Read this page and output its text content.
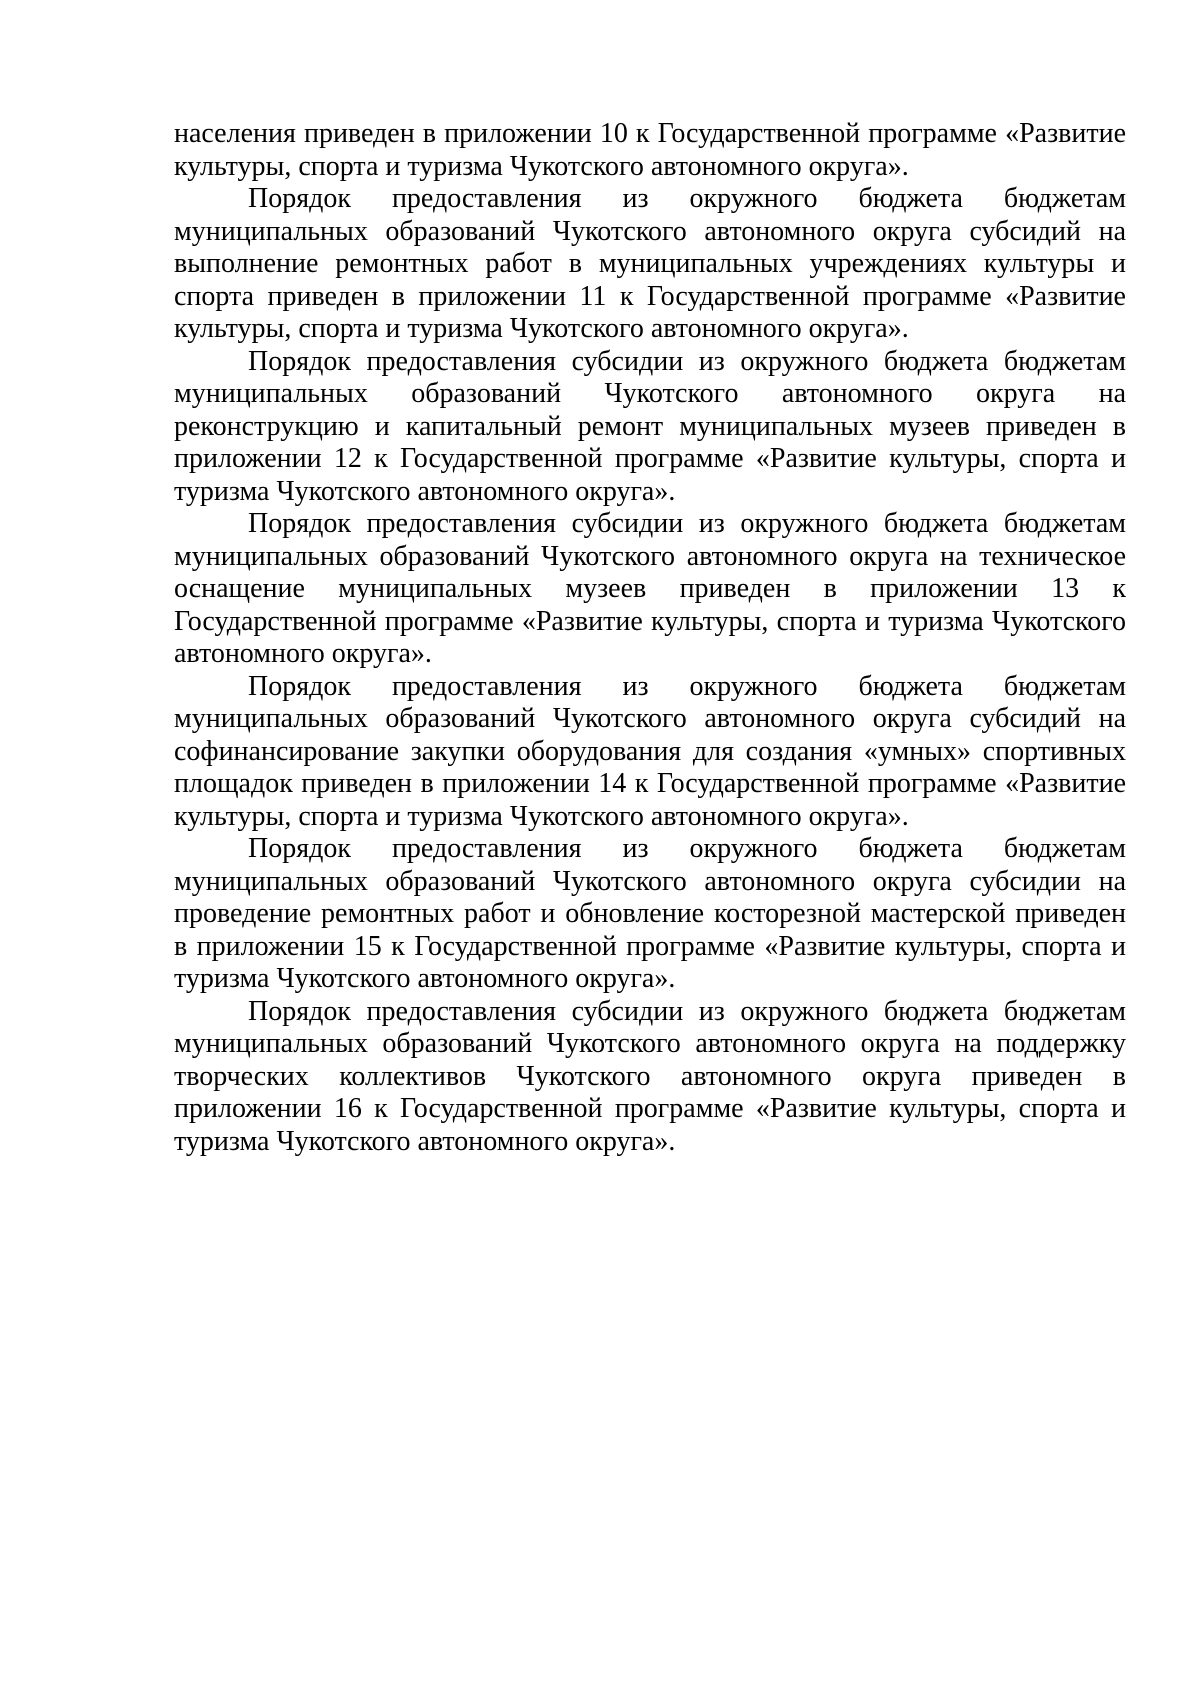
населения приведен в приложении 10 к Государственной программе «Развитие культуры, спорта и туризма Чукотского автономного округа».

Порядок предоставления из окружного бюджета бюджетам муниципальных образований Чукотского автономного округа субсидий на выполнение ремонтных работ в муниципальных учреждениях культуры и спорта приведен в приложении 11 к Государственной программе «Развитие культуры, спорта и туризма Чукотского автономного округа».

Порядок предоставления субсидии из окружного бюджета бюджетам муниципальных образований Чукотского автономного округа на реконструкцию и капитальный ремонт муниципальных музеев приведен в приложении 12 к Государственной программе «Развитие культуры, спорта и туризма Чукотского автономного округа».

Порядок предоставления субсидии из окружного бюджета бюджетам муниципальных образований Чукотского автономного округа на техническое оснащение муниципальных музеев приведен в приложении 13 к Государственной программе «Развитие культуры, спорта и туризма Чукотского автономного округа».

Порядок предоставления из окружного бюджета бюджетам муниципальных образований Чукотского автономного округа субсидий на софинансирование закупки оборудования для создания «умных» спортивных площадок приведен в приложении 14 к Государственной программе «Развитие культуры, спорта и туризма Чукотского автономного округа».

Порядок предоставления из окружного бюджета бюджетам муниципальных образований Чукотского автономного округа субсидии на проведение ремонтных работ и обновление косторезной мастерской приведен в приложении 15 к Государственной программе «Развитие культуры, спорта и туризма Чукотского автономного округа».

Порядок предоставления субсидии из окружного бюджета бюджетам муниципальных образований Чукотского автономного округа на поддержку творческих коллективов Чукотского автономного округа приведен в приложении 16 к Государственной программе «Развитие культуры, спорта и туризма Чукотского автономного округа».
